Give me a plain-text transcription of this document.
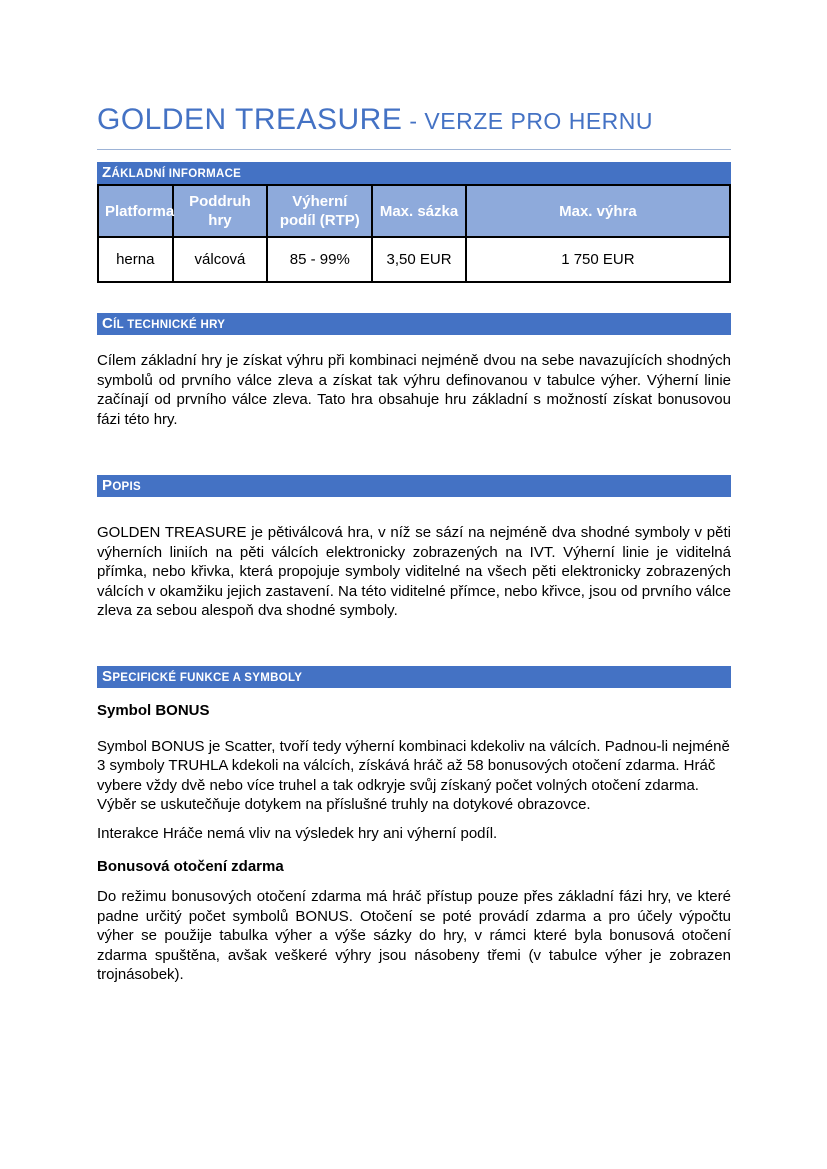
GOLDEN TREASURE - VERZE PRO HERNU
ZÁKLADNÍ INFORMACE
Platforma	Poddruh hry	Výherní podíl (RTP)	Max. sázka	Max. výhra
herna	válcová	85 - 99%	3,50 EUR	1 750 EUR
CÍL TECHNICKÉ HRY

Cílem základní hry je získat výhru při kombinaci nejméně dvou na sebe navazujících shodných symbolů od prvního válce zleva a získat tak výhru definovanou v tabulce výher. Výherní linie začínají od prvního válce zleva. Tato hra obsahuje hru základní s možností získat bonusovou fázi této hry.

POPIS

GOLDEN TREASURE je pětiválcová hra, v níž se sází na nejméně dva shodné symboly v pěti výherních liniích na pěti válcích elektronicky zobrazených na IVT. Výherní linie je viditelná přímka, nebo křivka, která propojuje symboly viditelné na všech pěti elektronicky zobrazených válcích v okamžiku jejich zastavení. Na této viditelné přímce, nebo křivce, jsou od prvního válce zleva za sebou alespoň dva shodné symboly.

SPECIFICKÉ FUNKCE A SYMBOLY

Symbol BONUS

Symbol BONUS je Scatter, tvoří tedy výherní kombinaci kdekoliv na válcích. Padnou-li nejméně 3 symboly TRUHLA kdekoli na válcích, získává hráč až 58 bonusových otočení zdarma. Hráč vybere vždy dvě nebo více truhel a tak odkryje svůj získaný počet volných otočení zdarma. Výběr se uskutečňuje dotykem na příslušné truhly na dotykové obrazovce.

Interakce Hráče nemá vliv na výsledek hry ani výherní podíl.

Bonusová otočení zdarma

Do režimu bonusových otočení zdarma má hráč přístup pouze přes základní fázi hry, ve které padne určitý počet symbolů BONUS. Otočení se poté provádí zdarma a pro účely výpočtu výher se použije tabulka výher a výše sázky do hry, v rámci které byla bonusová otočení zdarma spuštěna, avšak veškeré výhry jsou násobeny třemi (v tabulce výher je zobrazen trojnásobek).
